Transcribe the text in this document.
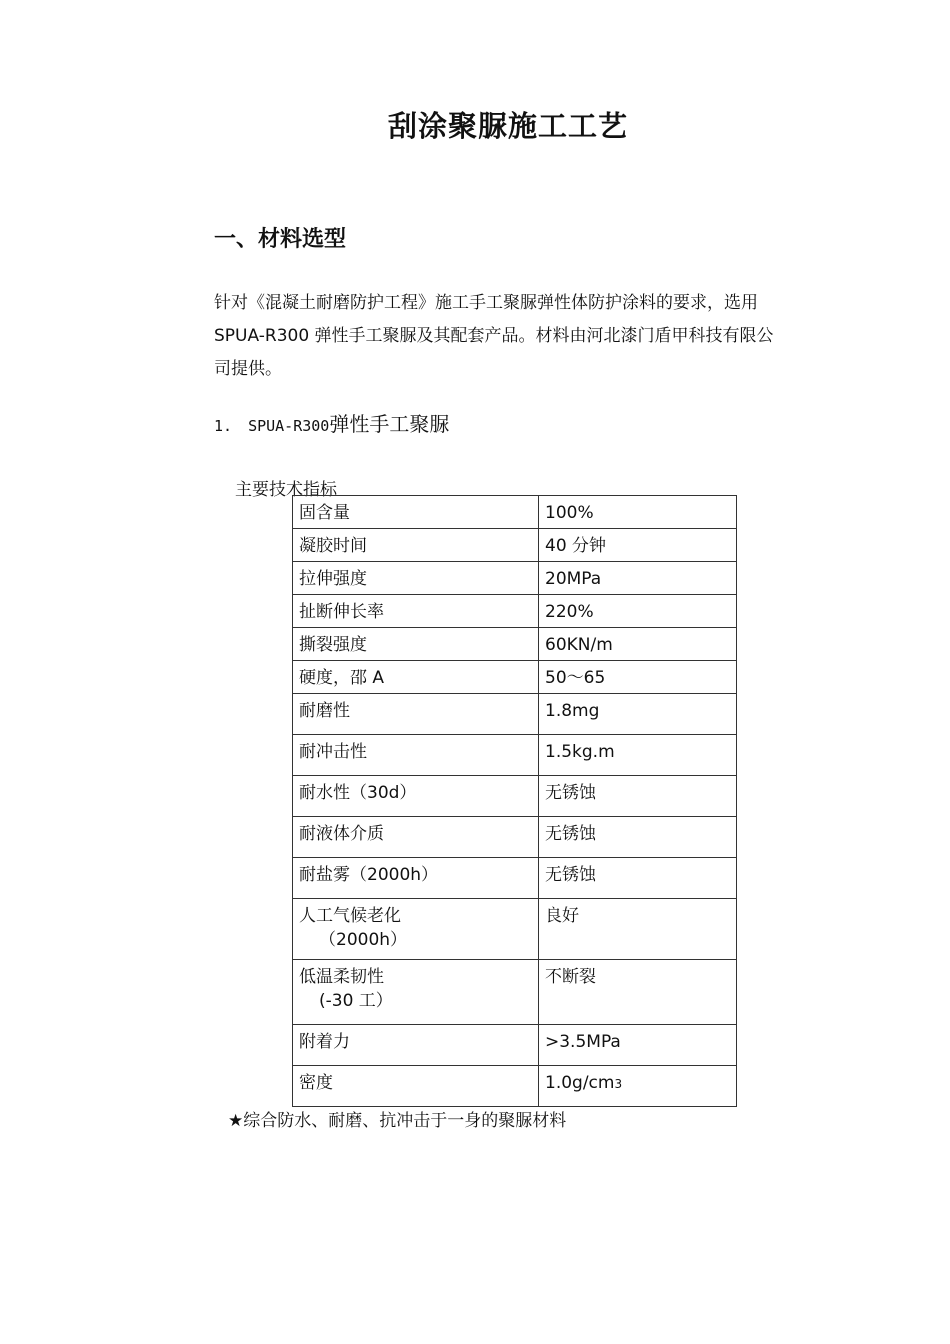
刮涂聚脲施工工艺
一、材料选型
针对《混凝土耐磨防护工程》施工手工聚脲弹性体防护涂料的要求，选用
SPUA-R300 弹性手工聚脲及其配套产品。材料由河北漆门盾甲科技有限公
司提供。
1. SPUA-R300弹性手工聚脲
主要技术指标
固含量	100%
凝胶时间	40 分钟
拉伸强度	20MPa
扯断伸长率	220%
撕裂强度	60KN/m
硬度，邵 A	50〜65
耐磨性	1.8mg
耐冲击性	1.5kg.m
耐水性（30d）	无锈蚀
耐液体介质	无锈蚀
耐盐雾（2000h）	无锈蚀
人工气候老化
（2000h）	良好
低温柔韧性
(-30 工）	不断裂
附着力	>3.5MPa
密度	1.0g/cm3
★综合防水、耐磨、抗冲击于一身的聚脲材料
